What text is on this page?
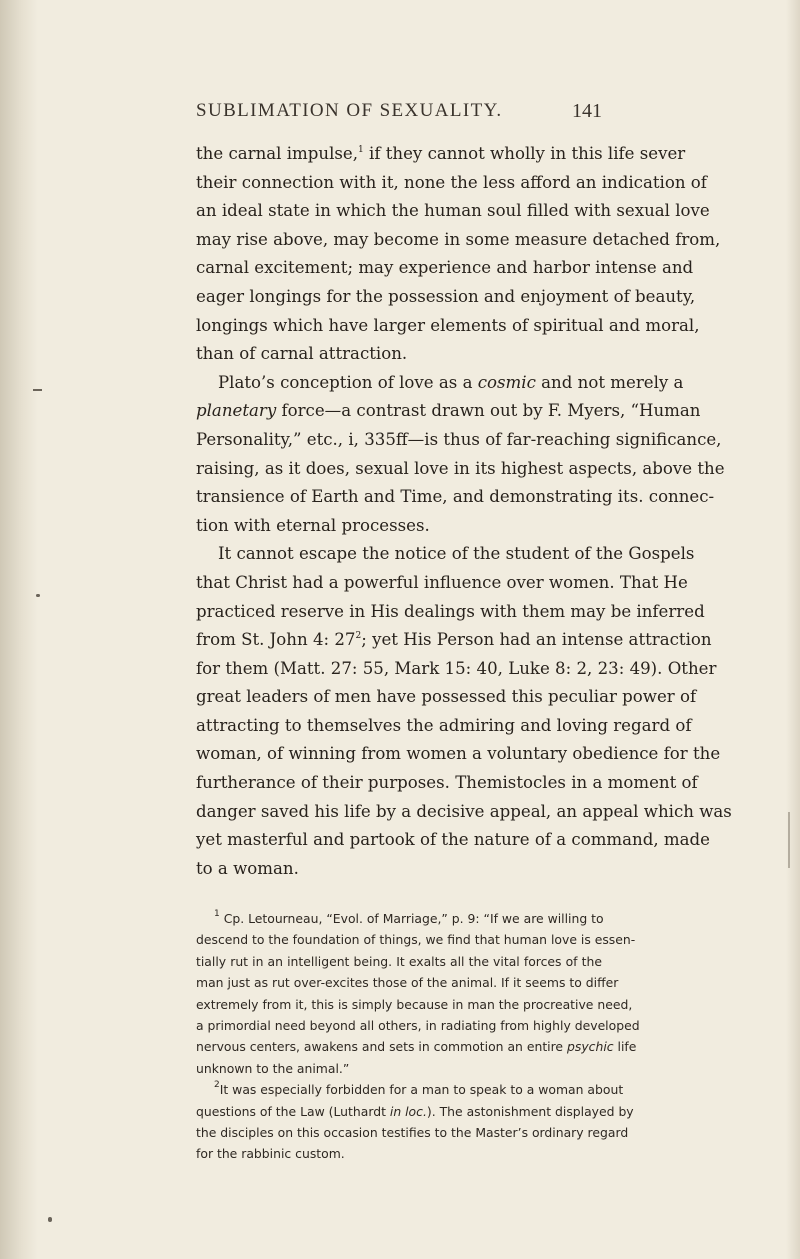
SUBLIMATION OF SEXUALITY.	141
the carnal impulse,$^1$ if they cannot wholly in this life sever
their connection with it, none the less afford an indication of
an ideal state in which the human soul filled with sexual love
may rise above, may become in some measure detached from,
carnal excitement; may experience and harbor intense and
eager longings for the possession and enjoyment of beauty,
longings which have larger elements of spiritual and moral,
than of carnal attraction.
Plato’s conception of love as a cosmic and not merely a
planetary force—a contrast drawn out by F. Myers, “Human
Personality,” etc., i, 335ff—is thus of far-reaching significance,
raising, as it does, sexual love in its highest aspects, above the
transience of Earth and Time, and demonstrating its. connec-
tion with eternal processes.
It cannot escape the notice of the student of the Gospels
that Christ had a powerful influence over women. That He
practiced reserve in His dealings with them may be inferred
from St. John 4: $27^2$; yet His Person had an intense attraction
for them (Matt. 27: 55, Mark 15: 40, Luke 8: 2, 23: 49). Other
great leaders of men have possessed this peculiar power of
attracting to themselves the admiring and loving regard of
woman, of winning from women a voluntary obedience for the
furtherance of their purposes. Themistocles in a moment of
danger saved his life by a decisive appeal, an appeal which was
yet masterful and partook of the nature of a command, made
to a woman.
$^1$ Cp. Letourneau, “Evol. of Marriage,” p. 9: “If we are willing to
descend to the foundation of things, we find that human love is essen-
tially rut in an intelligent being. It exalts all the vital forces of the
man just as rut over-excites those of the animal. If it seems to differ
extremely from it, this is simply because in man the procreative need,
a primordial need beyond all others, in radiating from highly developed
nervous centers, awakens and sets in commotion an entire psychic life
unknown to the animal.”
$^2$It was especially forbidden for a man to speak to a woman about
questions of the Law (Luthardt in loc.). The astonishment displayed by
the disciples on this occasion testifies to the Master’s ordinary regard
for the rabbinic custom.
